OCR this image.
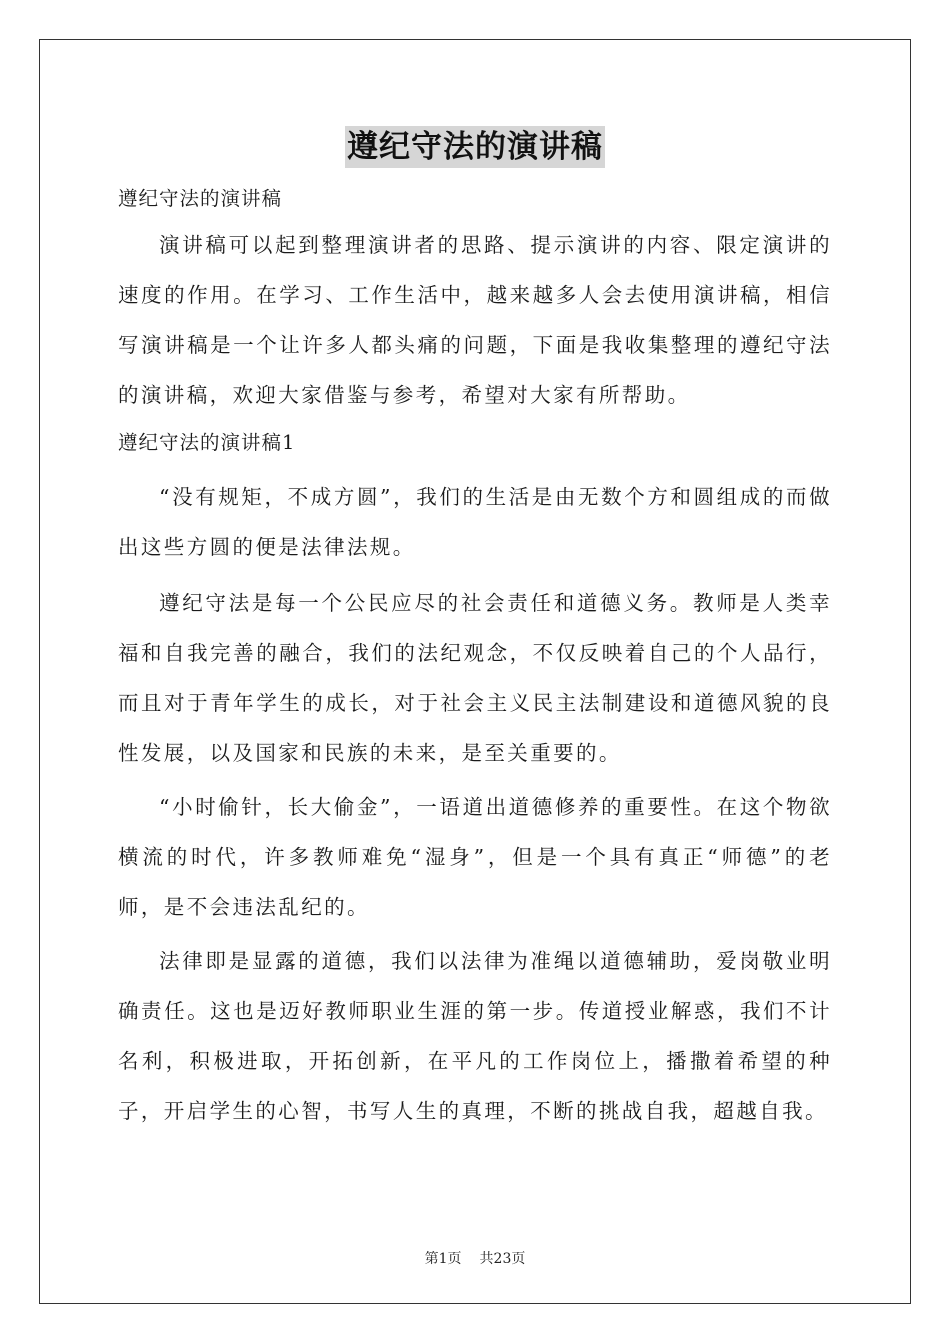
遵纪守法的演讲稿
遵纪守法的演讲稿

演讲稿可以起到整理演讲者的思路、提示演讲的内容、限定演讲的速度的作用。在学习、工作生活中，越来越多人会去使用演讲稿，相信写演讲稿是一个让许多人都头痛的问题，下面是我收集整理的遵纪守法的演讲稿，欢迎大家借鉴与参考，希望对大家有所帮助。

遵纪守法的演讲稿1

“没有规矩，不成方圆”，我们的生活是由无数个方和圆组成的而做出这些方圆的便是法律法规。

遵纪守法是每一个公民应尽的社会责任和道德义务。教师是人类幸福和自我完善的融合，我们的法纪观念，不仅反映着自己的个人品行，而且对于青年学生的成长，对于社会主义民主法制建设和道德风貌的良性发展，以及国家和民族的未来，是至关重要的。

“小时偷针，长大偷金”，一语道出道德修养的重要性。在这个物欲横流的时代，许多教师难免“湿身”，但是一个具有真正“师德”的老师，是不会违法乱纪的。

法律即是显露的道德，我们以法律为准绳以道德辅助，爱岗敬业明确责任。这也是迈好教师职业生涯的第一步。传道授业解惑，我们不计名利，积极进取，开拓创新，在平凡的工作岗位上，播撒着希望的种子，开启学生的心智，书写人生的真理，不断的挑战自我，超越自我。

第1页 共23页
